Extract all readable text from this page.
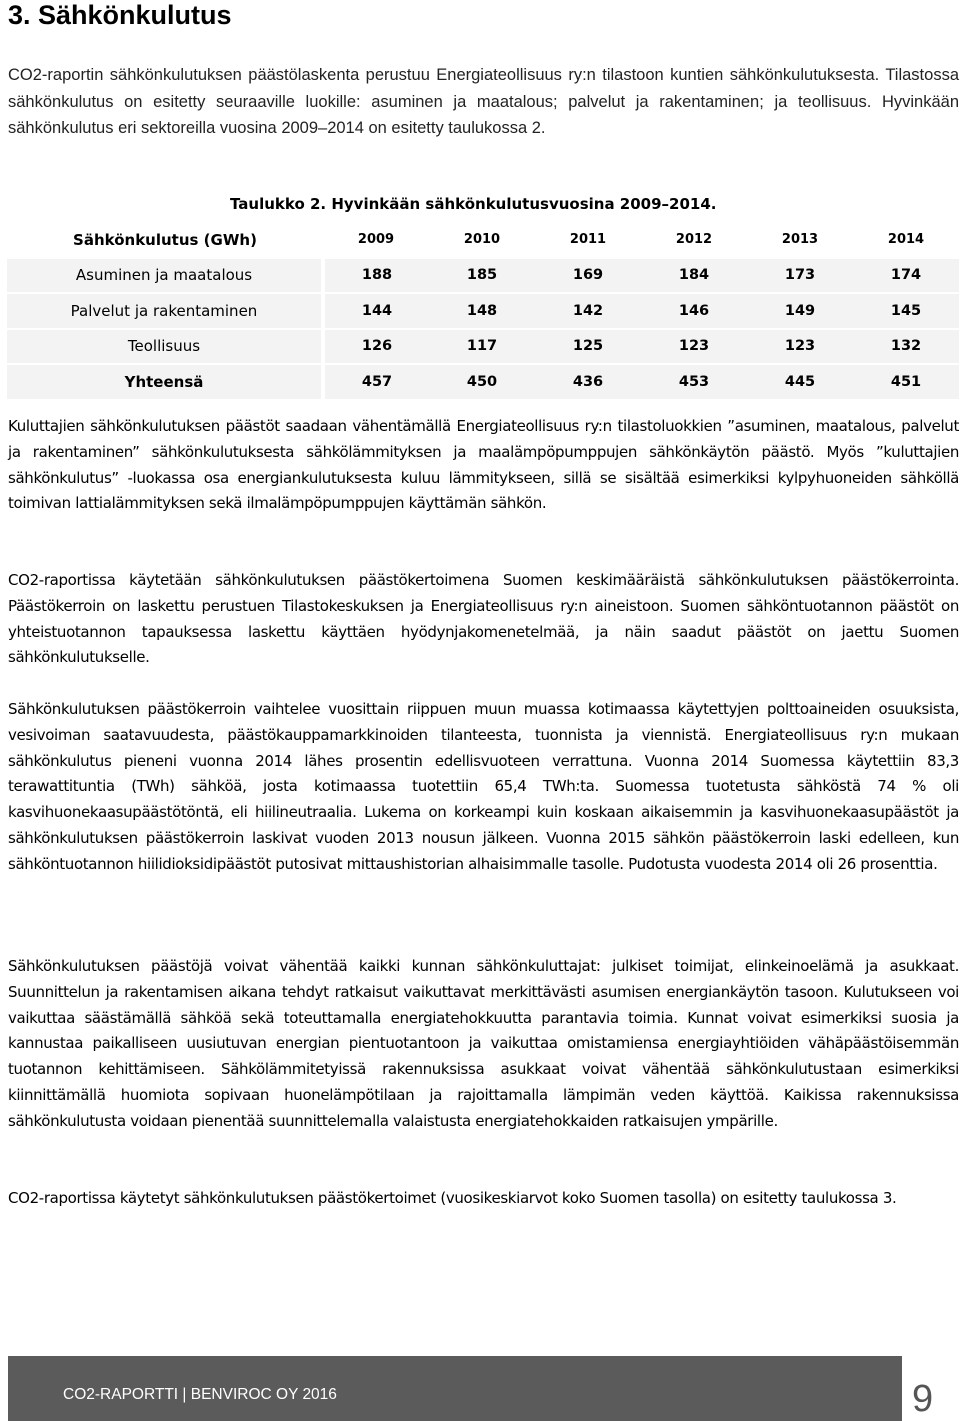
3. Sähkönkulutus

CO2-raportin sähkönkulutuksen päästölaskenta perustuu Energiateollisuus ry:n tilastoon kuntien sähkönkulutuksesta. Tilastossa sähkönkulutus on esitetty seuraaville luokille: asuminen ja maatalous; palvelut ja rakentaminen; ja teollisuus. Hyvinkään sähkönkulutus eri sektoreilla vuosina 2009–2014 on esitetty taulukossa 2.

Taulukko 2. Hyvinkään sähkönkulutusvuosina 2009–2014.

Sähkönkulutus (GWh)	2009	2010	2011	2012	2013	2014
Asuminen ja maatalous	188	185	169	184	173	174
Palvelut ja rakentaminen	144	148	142	146	149	145
Teollisuus	126	117	125	123	123	132
Yhteensä	457	450	436	453	445	451

Kuluttajien sähkönkulutuksen päästöt saadaan vähentämällä Energiateollisuus ry:n tilastoluokkien ”asuminen, maatalous, palvelut ja rakentaminen” sähkönkulutuksesta sähkölämmityksen ja maalämpöpumppujen sähkönkäytön päästö. Myös ”kuluttajien sähkönkulutus” -luokassa osa energiankulutuksesta kuluu lämmitykseen, sillä se sisältää esimerkiksi kylpyhuoneiden sähköllä toimivan lattialämmityksen sekä ilmalämpöpumppujen käyttämän sähkön.

CO2-raportissa käytetään sähkönkulutuksen päästökertoimena Suomen keskimääräistä sähkönkulutuksen päästökerrointa. Päästökerroin on laskettu perustuen Tilastokeskuksen ja Energiateollisuus ry:n aineistoon. Suomen sähköntuotannon päästöt on yhteistuotannon tapauksessa laskettu käyttäen hyödynjakomenetelmää, ja näin saadut päästöt on jaettu Suomen sähkönkulutukselle.

Sähkönkulutuksen päästökerroin vaihtelee vuosittain riippuen muun muassa kotimaassa käytettyjen polttoaineiden osuuksista, vesivoiman saatavuudesta, päästökauppamarkkinoiden tilanteesta, tuonnista ja viennistä. Energiateollisuus ry:n mukaan sähkönkulutus pieneni vuonna 2014 lähes prosentin edellisvuoteen verrattuna. Vuonna 2014 Suomessa käytettiin 83,3 terawattituntia (TWh) sähköä, josta kotimaassa tuotettiin 65,4 TWh:ta. Suomessa tuotetusta sähköstä 74 % oli kasvihuonekaasupäästötöntä, eli hiilineutraalia. Lukema on korkeampi kuin koskaan aikaisemmin ja kasvihuonekaasupäästöt ja sähkönkulutuksen päästökerroin laskivat vuoden 2013 nousun jälkeen. Vuonna 2015 sähkön päästökerroin laski edelleen, kun sähköntuotannon hiilidioksidipäästöt putosivat mittaushistorian alhaisimmalle tasolle. Pudotusta vuodesta 2014 oli 26 prosenttia.

Sähkönkulutuksen päästöjä voivat vähentää kaikki kunnan sähkönkuluttajat: julkiset toimijat, elinkeinoelämä ja asukkaat. Suunnittelun ja rakentamisen aikana tehdyt ratkaisut vaikuttavat merkittävästi asumisen energiankäytön tasoon. Kulutukseen voi vaikuttaa säästämällä sähköä sekä toteuttamalla energiatehokkuutta parantavia toimia. Kunnat voivat esimerkiksi suosia ja kannustaa paikalliseen uusiutuvan energian pientuotantoon ja vaikuttaa omistamiensa energiayhtiöiden vähäpäästöisemmän tuotannon kehittämiseen. Sähkölämmitetyissä rakennuksissa asukkaat voivat vähentää sähkönkulutustaan esimerkiksi kiinnittämällä huomiota sopivaan huonelämpötilaan ja rajoittamalla lämpimän veden käyttöä. Kaikissa rakennuksissa sähkönkulutusta voidaan pienentää suunnittelemalla valaistusta energiatehokkaiden ratkaisujen ympärille.

CO2-raportissa käytetyt sähkönkulutuksen päästökertoimet (vuosikeskiarvot koko Suomen tasolla) on esitetty taulukossa 3.

CO2-RAPORTTI | BENVIROC OY 2016	9
